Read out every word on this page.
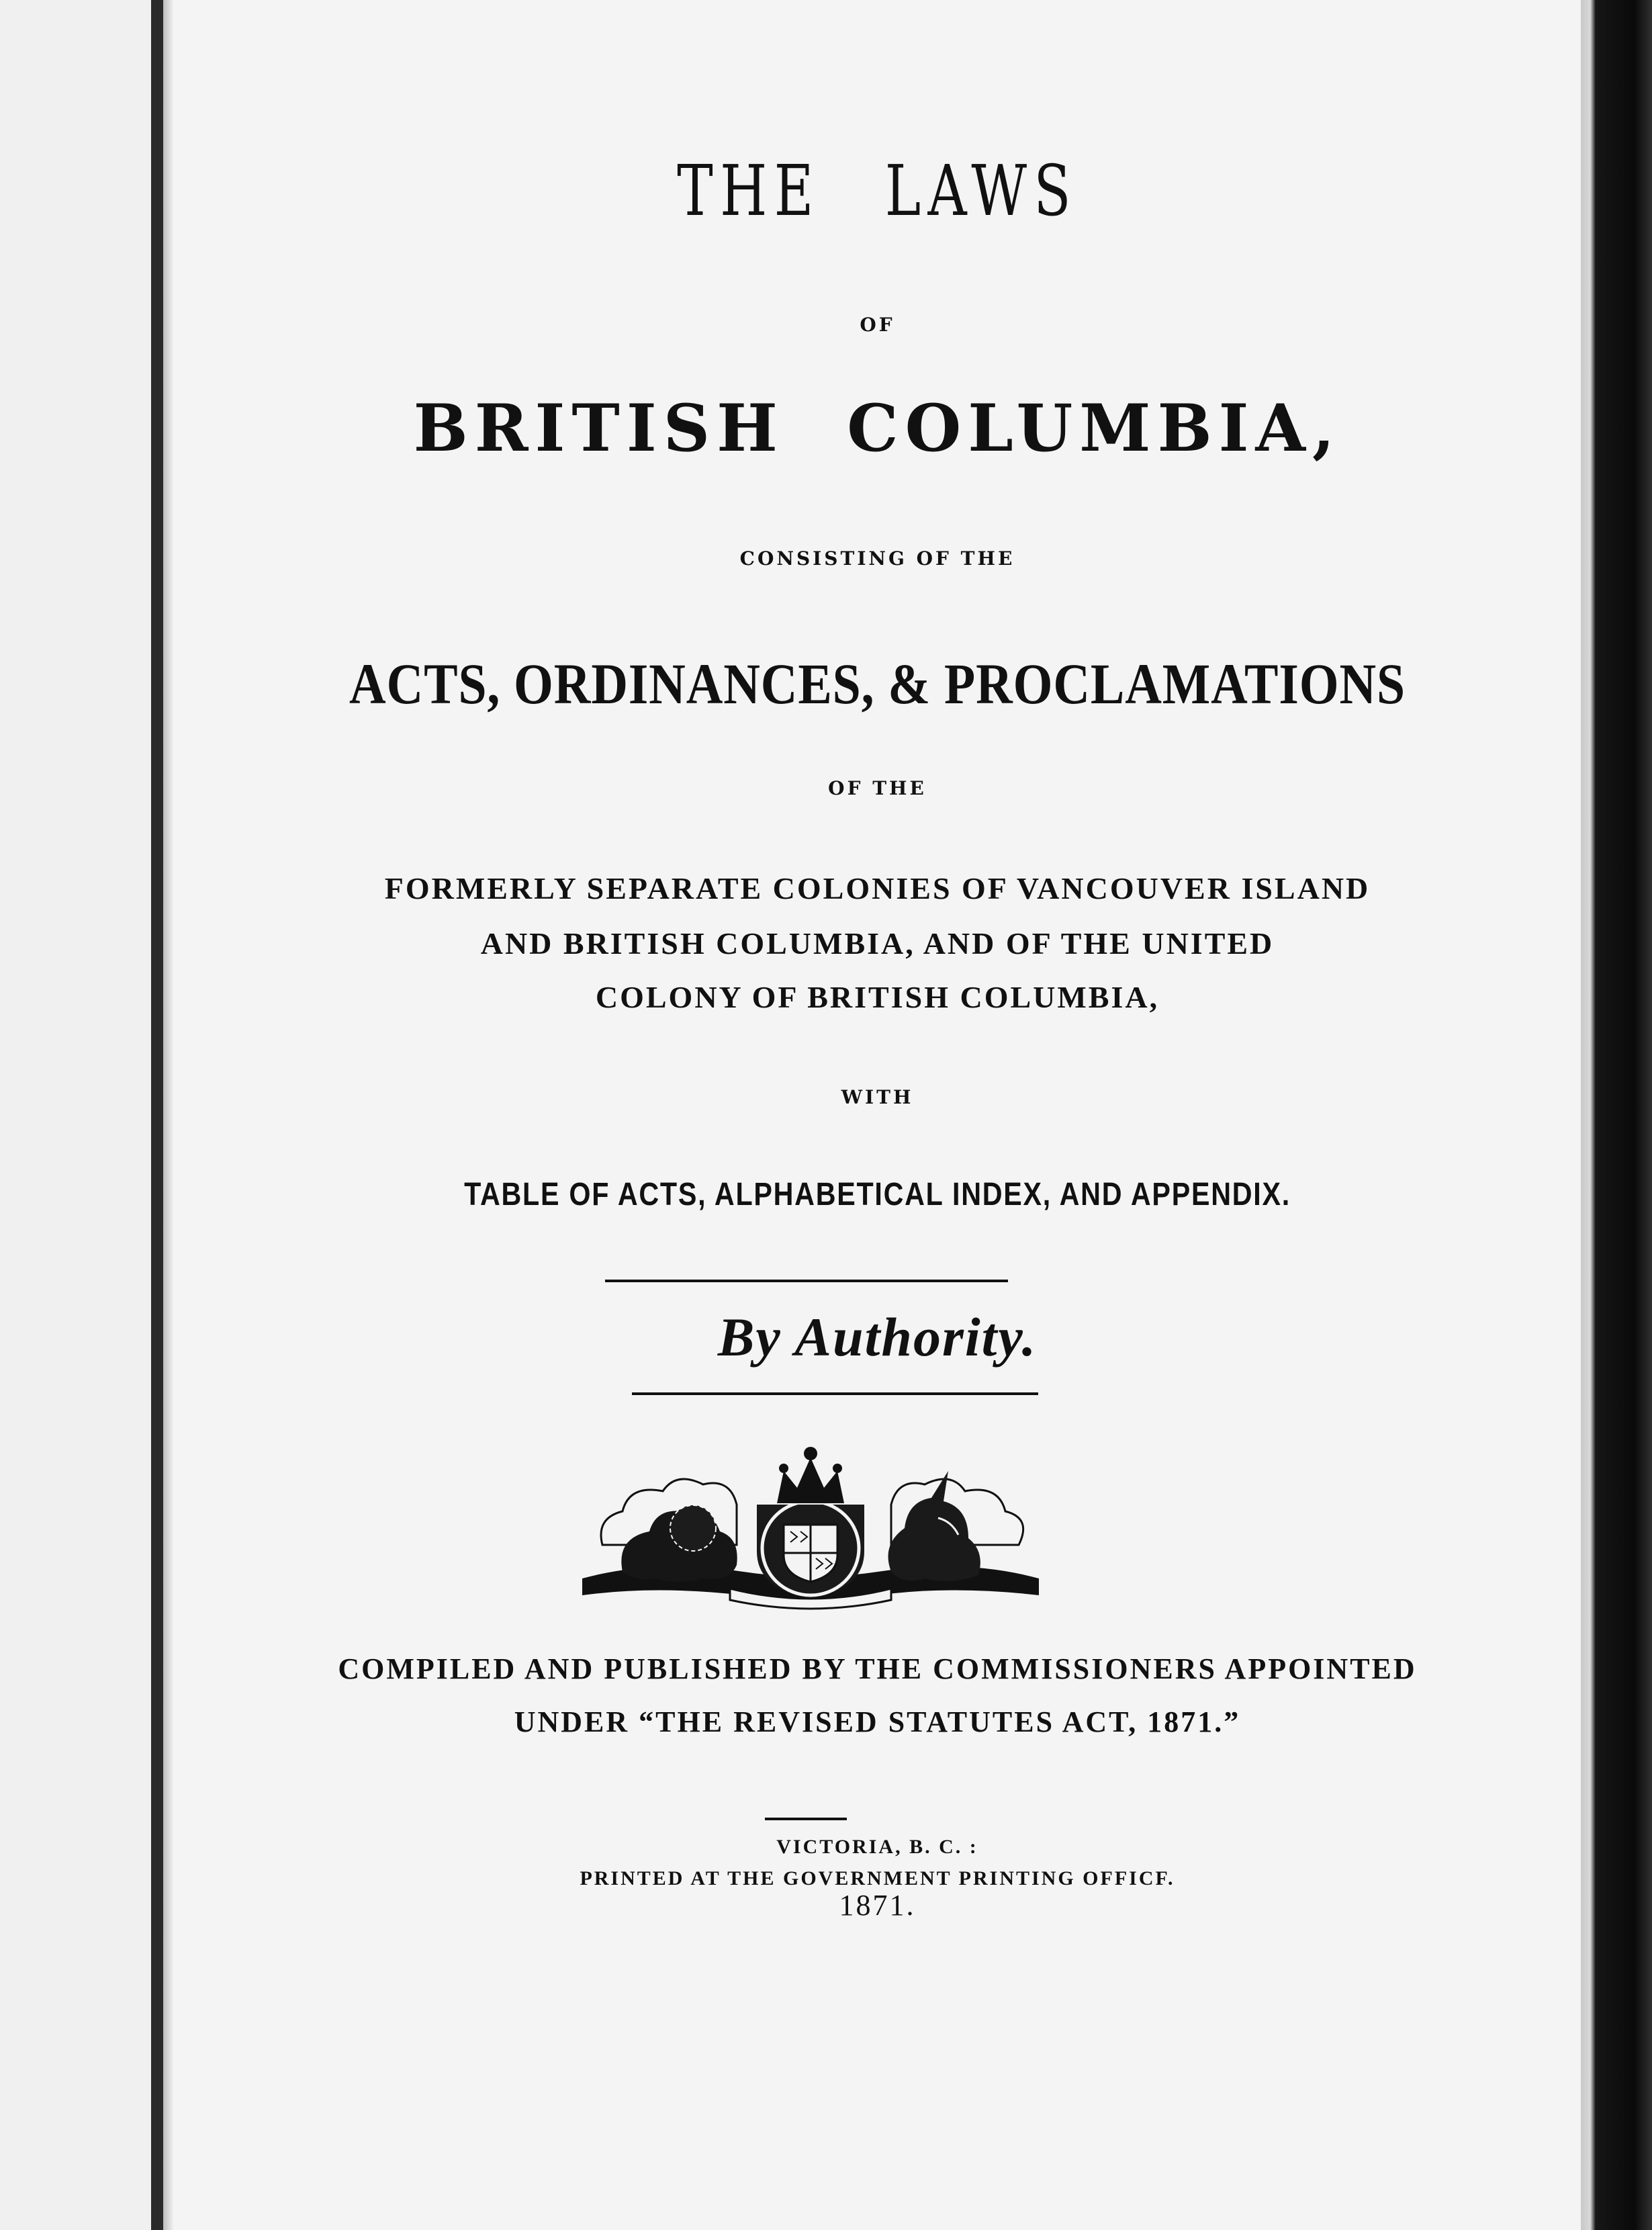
THE LAWS
OF
BRITISH COLUMBIA,
CONSISTING OF THE
ACTS, ORDINANCES, & PROCLAMATIONS
OF THE
FORMERLY SEPARATE COLONIES OF VANCOUVER ISLAND
AND BRITISH COLUMBIA, AND OF THE UNITED
COLONY OF BRITISH COLUMBIA,
WITH
TABLE OF ACTS, ALPHABETICAL INDEX, AND APPENDIX.
By Authority.
COMPILED AND PUBLISHED BY THE COMMISSIONERS APPOINTED
UNDER “THE REVISED STATUTES ACT, 1871.”
VICTORIA, B. C. :
PRINTED AT THE GOVERNMENT PRINTING OFFICF.
1871.
